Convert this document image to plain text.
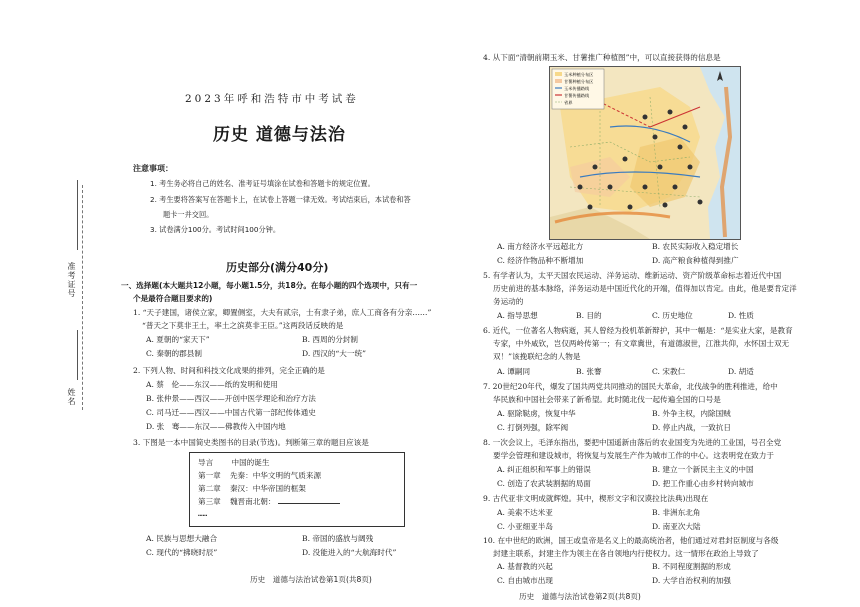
准考证号
姓名
2023年呼和浩特市中考试卷
历史 道德与法治
注意事项：
1. 考生务必将自己的姓名、准考证号填涂在试卷和答题卡的规定位置。
2. 考生要将答案写在答题卡上，在试卷上答题一律无效。考试结束后，本试卷和答
题卡一并交回。
3. 试卷满分100分。考试时间100分钟。
历史部分(满分40分)
一、选择题(本大题共12小题，每小题1.5分，共18分。在每小题的四个选项中，只有一
个是最符合题目要求的)
1. “天子建国，诸侯立家，卿置侧室，大夫有贰宗，士有隶子弟，庶人工商各有分亲……”
“普天之下莫非王土，率土之滨莫非王臣。”这两段话反映的是
A. 夏朝的“家天下”	B. 西周的分封制
C. 秦朝的郡县制	D. 西汉的“大一统”
2. 下列人物、时间和科技文化成果的排列，完全正确的是
A. 蔡　伦——东汉——纸的发明和使用
B. 张仲景——西汉——开创中医学理论和治疗方法
C. 司马迁——西汉——中国古代第一部纪传体通史
D. 张　骞——东汉——佛教传入中国内地
3. 下图是一本中国简史类图书的目录(节选)。判断第三章的题目应该是
导言 中国的诞生
第一章 先秦：中华文明的气质来源
第二章 秦汉：中华帝国的框架
第三章 魏晋南北朝：
……
A. 民族与思想大融合	B. 帝国的盛放与阔残
C. 现代的“拂晓时辰”	D. 没能进入的“大航海时代”
历史　道德与法治试卷第1页(共8页)
4. 从下面“清朝前期玉米、甘薯推广种植图”中，可以直接获得的信息是
玉米种植分布区
甘薯种植分布区
玉米传播路线
甘薯传播路线
省界
A. 南方经济水平远超北方	B. 农民实际收入稳定增长
C. 经济作物品种不断增加	D. 高产粮食种植得到推广
5. 有学者认为，太平天国农民运动、洋务运动、维新运动、资产阶级革命标志着近代中国
历史前进的基本脉络，洋务运动是中国近代化的开端，值得加以肯定。由此，他是要肯定洋
务运动的
A. 指导思想	B. 目的	C. 历史地位	D. 性质
6. 近代，一位著名人物病逝，其人曾经为投机革新辩护，其中一幅是：“是实业大家，是教育
专家，中外咸钦，岂仅两岭传第一；有文章冀世，有道德淑世，江淮共仰，水怀国士双无
双！”该挽联纪念的人物是
A. 谭嗣同	B. 张謇	C. 宋教仁	D. 胡适
7. 20世纪20年代，爆发了国共两党共同推动的国民大革命，北伐战争的胜利推进，给中
华民族和中国社会带来了新希望。此时随北伐一起传遍全国的口号是
A. 驱除鞑虏，恢复中华	B. 外争主权，内除国贼
C. 打倒列强，除军阀	D. 停止内战，一致抗日
8. 一次会议上，毛泽东指出，要把中国遥新由落后的农业国变为先进的工业国，号召全党
要学会管理和建设城市，将恢复与发展生产作为城市工作的中心。这表明党在致力于
A. 纠正组织和军事上的错误	B. 建立一个新民主主义的中国
C. 创造了农武装割据的局面	D. 把工作重心由乡村转向城市
9. 古代亚非文明成就辉煌。其中，楔形文字和汉谟拉比法典)出现在
A. 美索不达米亚	B. 非洲东北角
C. 小亚细亚半岛	D. 南亚次大陆
10. 在中世纪的欧洲，国王或皇帝是名义上的最高统治者，他们通过对君封臣制度与各级
封建主联系，封建主作为领主在各自领地内行使权力。这一情形在政治上导致了
A. 基督教的兴起	B. 不同程度割据的形成
C. 自由城市出现	D. 大学自治权利的加强
历史　道德与法治试卷第2页(共8页)
